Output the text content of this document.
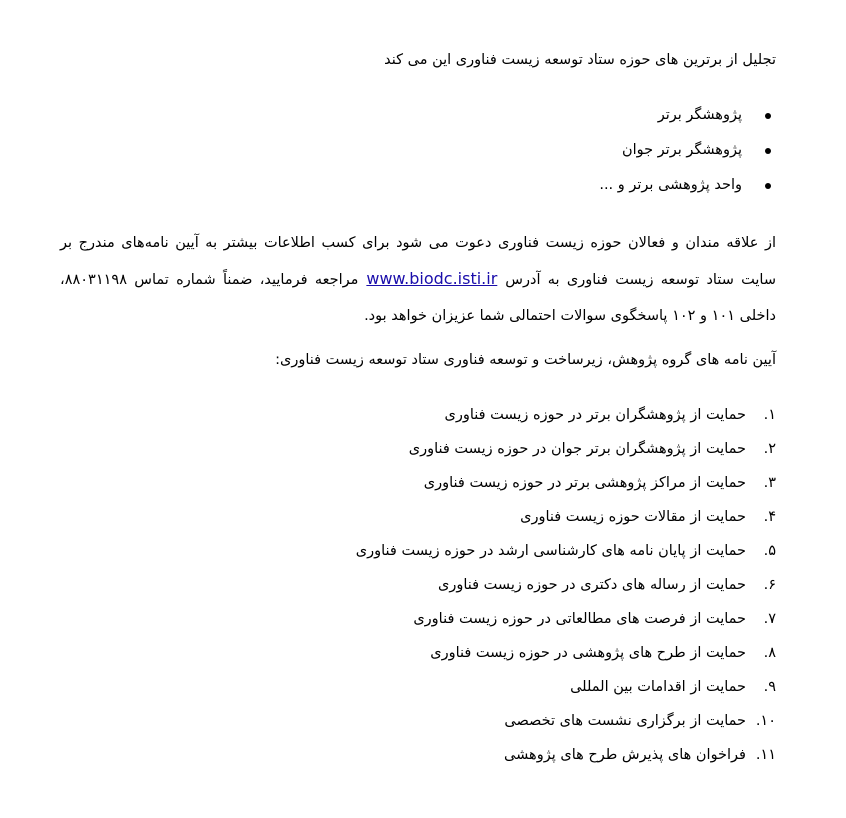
تجلیل از برترین های حوزه ستاد توسعه زیست فناوری این می کند

پژوهشگر برتر
پژوهشگر برتر جوان
واحد پژوهشی برتر و ...

از علاقه مندان و فعالان حوزه زیست فناوری دعوت می شود برای کسب اطلاعات بیشتر به آیین نامه‌های مندرج بر سایت ستاد توسعه زیست فناوری به آدرسwww.biodc.isti.irمراجعه فرمایید، ضمناً شماره تماس ۸۸۰۳۱۱۹۸، داخلی ۱۰۱ و ۱۰۲ پاسخگوی سوالات احتمالی شما عزیزان خواهد بود.

آیین نامه های گروه پژوهش، زیرساخت و توسعه فناوری ستاد توسعه زیست فناوری:

۱.
حمایت از پژوهشگران برتر در حوزه زیست فناوری
۲.
حمایت از پژوهشگران برتر جوان در حوزه زیست فناوری
۳.
حمایت از مراکز پژوهشی برتر در حوزه زیست فناوری
۴.
حمایت از مقالات حوزه زیست فناوری
۵.
حمایت از پایان نامه های کارشناسی ارشد در حوزه زیست فناوری
۶.
حمایت از رساله های دکتری در حوزه زیست فناوری
۷.
حمایت از فرصت های مطالعاتی در حوزه زیست فناوری
۸.
حمایت از طرح های پژوهشی در حوزه زیست فناوری
۹.
حمایت از اقدامات بین المللی
۱۰.
حمایت از برگزاری نشست های تخصصی
۱۱.
فراخوان های پذیرش طرح های پژوهشی
